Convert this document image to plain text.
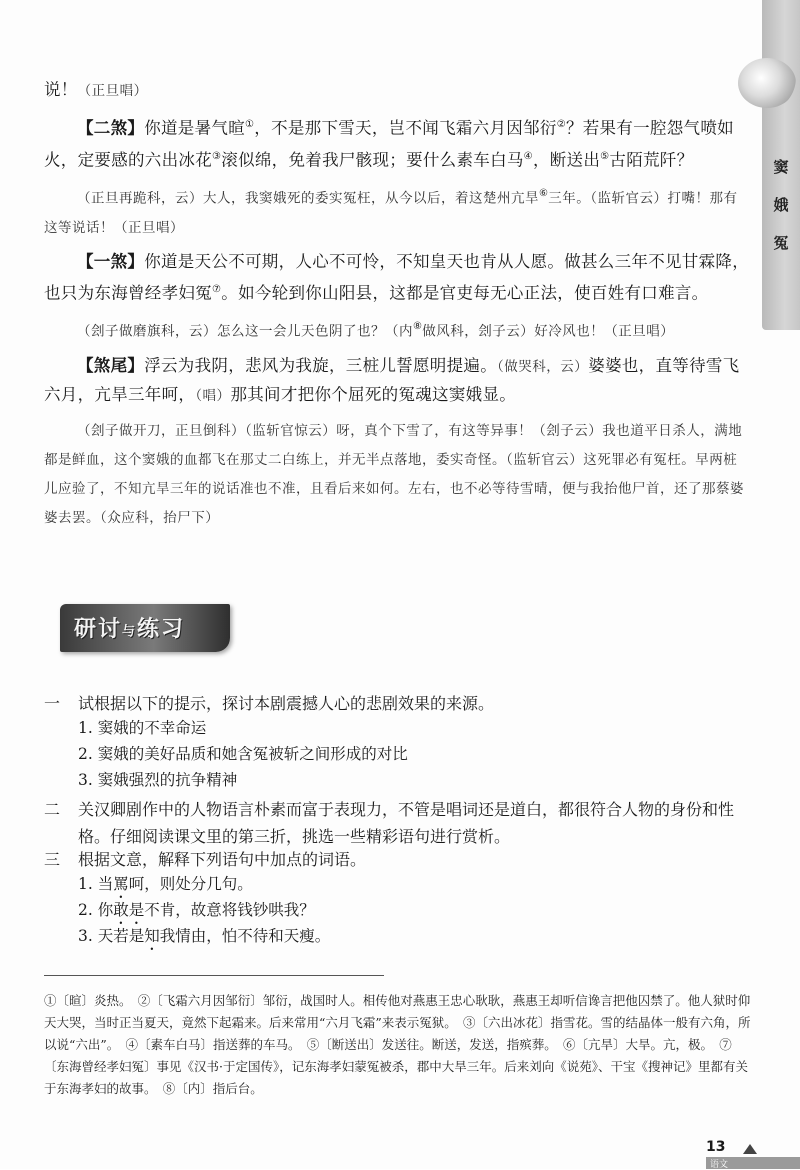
窦
娥
冤

说！（正旦唱）

【二煞】你道是暑气暄①，不是那下雪天，岂不闻飞霜六月因邹衍②？若果有一腔怨气喷如火，定要感的六出冰花③滚似绵，免着我尸骸现；要什么素车白马④，断送出⑤古陌荒阡？

（正旦再跪科，云）大人，我窦娥死的委实冤枉，从今以后，着这楚州亢旱⑥三年。（监斩官云）打嘴！那有这等说话！（正旦唱）

【一煞】你道是天公不可期，人心不可怜，不知皇天也肯从人愿。做甚么三年不见甘霖降，也只为东海曾经孝妇冤⑦。如今轮到你山阳县，这都是官吏每无心正法，使百姓有口难言。

（刽子做磨旗科，云）怎么这一会儿天色阴了也？（内⑧做风科，刽子云）好冷风也！（正旦唱）

【煞尾】浮云为我阴，悲风为我旋，三桩儿誓愿明提遍。（做哭科，云）婆婆也，直等待雪飞六月，亢旱三年呵，（唱）那其间才把你个屈死的冤魂这窦娥显。

（刽子做开刀，正旦倒科）（监斩官惊云）呀，真个下雪了，有这等异事！（刽子云）我也道平日杀人，满地都是鲜血，这个窦娥的血都飞在那丈二白练上，并无半点落地，委实奇怪。（监斩官云）这死罪必有冤枉。早两桩儿应验了，不知亢旱三年的说话准也不准，且看后来如何。左右，也不必等待雪晴，便与我抬他尸首，还了那蔡婆婆去罢。（众应科，抬尸下）

研讨与练习
一 试根据以下的提示，探讨本剧震撼人心的悲剧效果的来源。
1. 窦娥的不幸命运
2. 窦娥的美好品质和她含冤被斩之间形成的对比
3. 窦娥强烈的抗争精神
二 关汉卿剧作中的人物语言朴素而富于表现力，不管是唱词还是道白，都很符合人物的身份和性格。仔细阅读课文里的第三折，挑选一些精彩语句进行赏析。
三 根据文意，解释下列语句中加点的词语。
1. 当罵呵，则处分几句。
2. 你敢是不肯，故意将钱钞哄我？
3. 天若是知我情由，怕不待和天瘦。
①〔暄〕炎热。　②〔飞霜六月因邹衍〕邹衍，战国时人。相传他对燕惠王忠心耿耿，燕惠王却听信谗言把他囚禁了。他人狱时仰天大哭，当时正当夏天，竟然下起霜来。后来常用“六月飞霜”来表示冤狱。　③〔六出冰花〕指雪花。雪的结晶体一般有六角，所以说“六出”。　④〔素车白马〕指送葬的车马。　⑤〔断送出〕发送往。断送，发送，指殡葬。　⑥〔亢旱〕大旱。亢，极。　⑦〔东海曾经孝妇冤〕事见《汉书·于定国传》，记东海孝妇蒙冤被杀，郡中大旱三年。后来刘向《说苑》、干宝《搜神记》里都有关于东海孝妇的故事。　⑧〔内〕指后台。
13
语文
